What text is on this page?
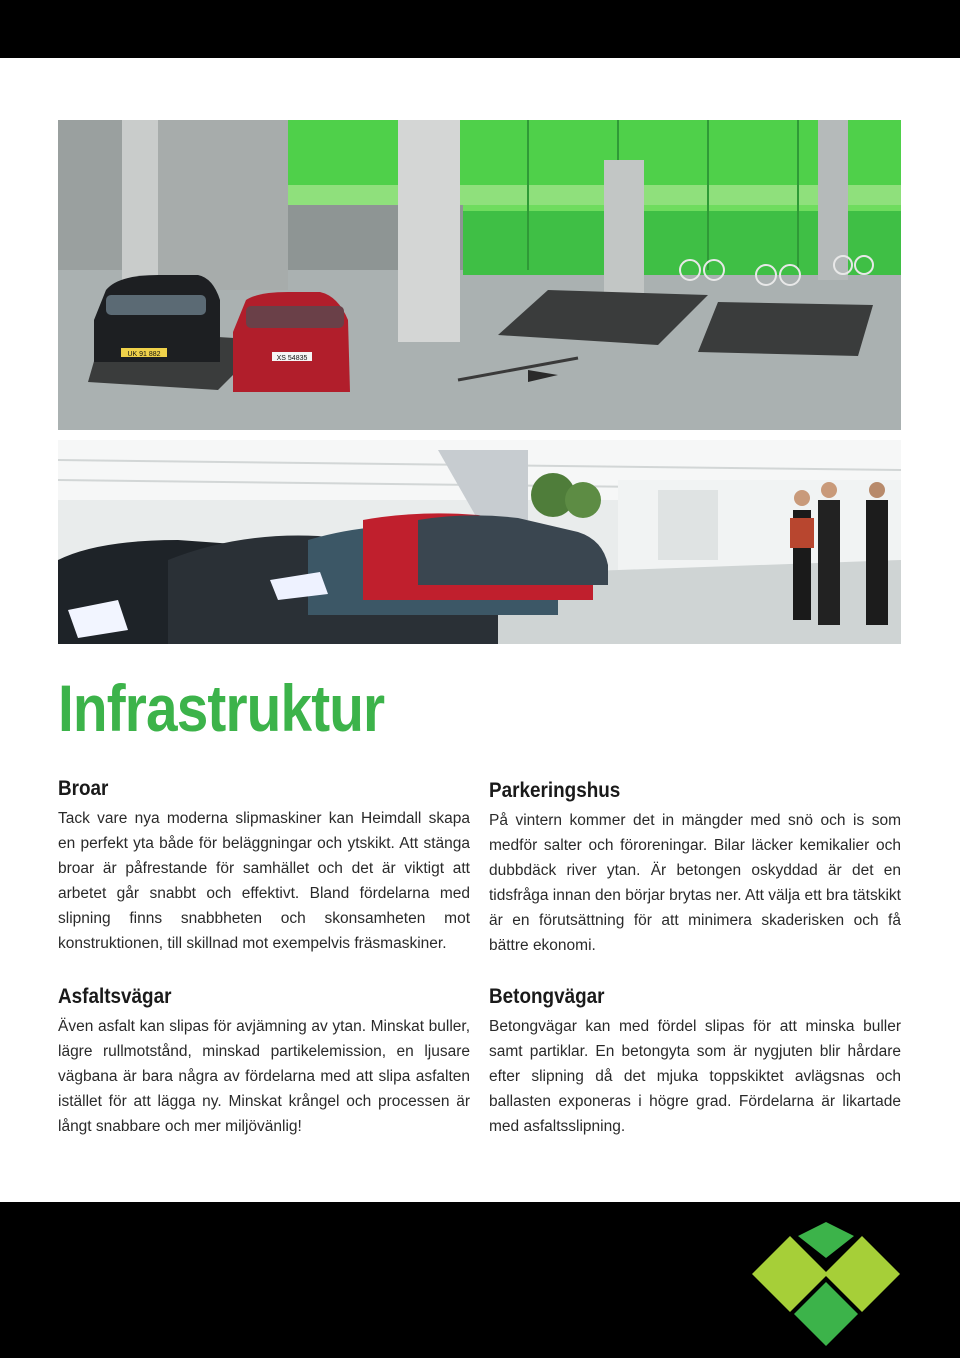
UK 91 882
XS 54835
Infrastruktur
Broar

Tack vare nya moderna slipmaskiner kan Heimdall skapa en perfekt yta både för beläggningar och ytskikt. Att stänga broar är påfrestande för samhället och det är viktigt att arbetet går snabbt och effektivt. Bland fördelarna med slipning finns snabbheten och skonsamheten mot konstruktionen, till skillnad mot exempelvis fräsmaskiner.

Asfaltsvägar

Även asfalt kan slipas för avjämning av ytan. Minskat buller, lägre rullmotstånd, minskad partikelemission, en ljusare vägbana är bara några av fördelarna med att slipa asfalten istället för att lägga ny. Minskat krångel och processen är långt snabbare och mer miljövänlig!

Parkeringshus

På vintern kommer det in mängder med snö och is som medför salter och föroreningar. Bilar läcker kemikalier och dubbdäck river ytan. Är betongen oskyddad är det en tidsfråga innan den börjar brytas ner. Att välja ett bra tätskikt är en förutsättning för att minimera skaderisken och få bättre ekonomi.

Betongvägar

Betongvägar kan med fördel slipas för att minska buller samt partiklar. En betongyta som är nygjuten blir hårdare efter slipning då det mjuka toppskiktet avlägsnas och ballasten exponeras i högre grad. Fördelarna är likartade med asfaltsslipning.
